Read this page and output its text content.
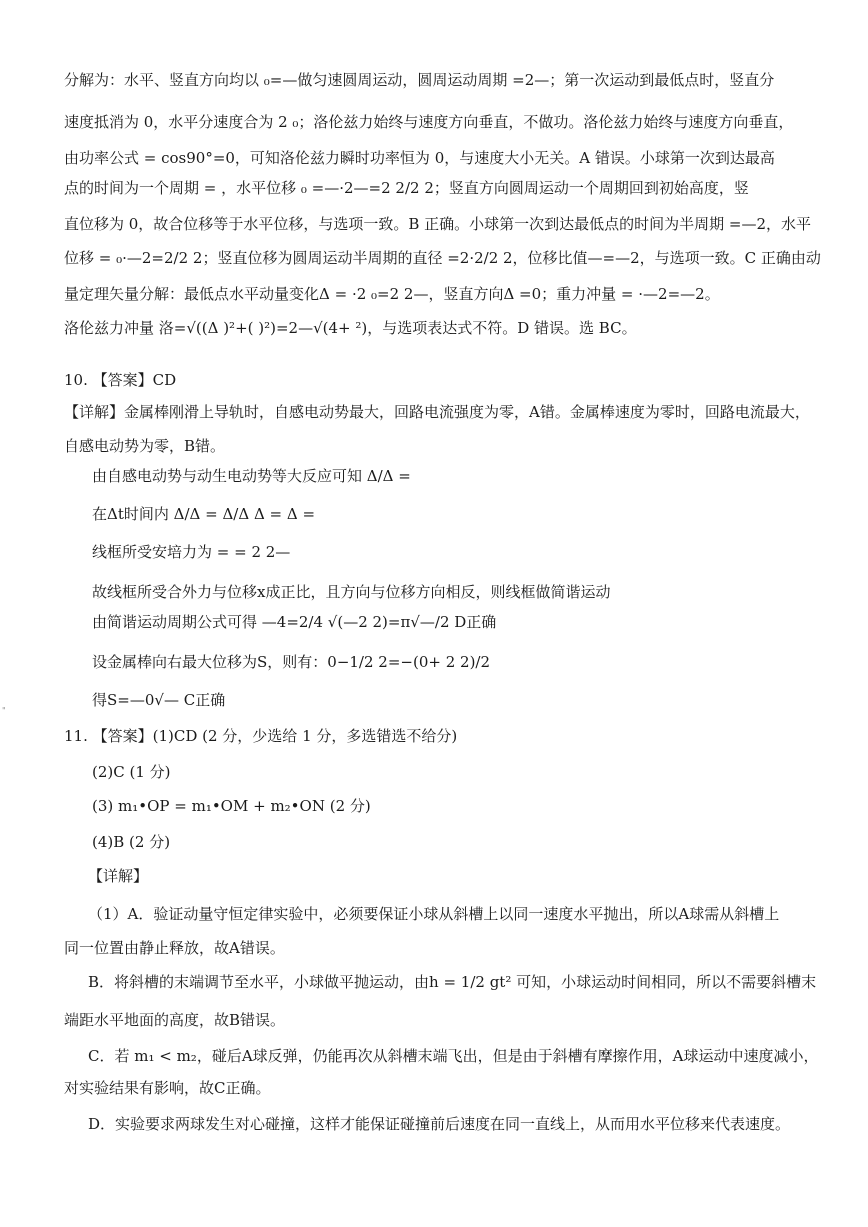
"
分解为：水平、竖直方向均以 ₀=—做匀速圆周运动，圆周运动周期 =2—；第一次运动到最低点时，竖直分
速度抵消为 0，水平分速度合为 2 ₀；洛伦兹力始终与速度方向垂直，不做功。洛伦兹力始终与速度方向垂直，
由功率公式 = cos90°=0，可知洛伦兹力瞬时功率恒为 0，与速度大小无关。A 错误。小球第一次到达最高
点的时间为一个周期 = ，水平位移 ₀ =—·2—=2 2/2 2；竖直方向圆周运动一个周期回到初始高度，竖
直位移为 0，故合位移等于水平位移，与选项一致。B 正确。小球第一次到达最低点的时间为半周期 =—2，水平
位移 = ₀·—2=2/2 2；竖直位移为圆周运动半周期的直径 =2·2/2 2，位移比值—=—2，与选项一致。C 正确由动
量定理矢量分解：最低点水平动量变化Δ = ·2 ₀=2 2—，竖直方向Δ =0；重力冲量 = ·—2=—2。
洛伦兹力冲量 洛=√((Δ )²+( )²)=2—√(4+ ²)，与选项表达式不符。D 错误。选 BC。
10. 【答案】CD
【详解】金属棒刚滑上导轨时，自感电动势最大，回路电流强度为零，A错。金属棒速度为零时，回路电流最大，
自感电动势为零，B错。
由自感电动势与动生电动势等大反应可知 Δ/Δ =
在Δt时间内 Δ/Δ = Δ/Δ Δ = Δ =
线框所受安培力为 = = 2 2—
故线框所受合外力与位移x成正比，且方向与位移方向相反，则线框做简谐运动
由简谐运动周期公式可得 —4=2/4 √(—2 2)=π√—/2 D正确
设金属棒向右最大位移为S，则有：0−1/2 2=−(0+ 2 2)/2
得S=—0√— C正确
11. 【答案】(1)CD (2 分，少选给 1 分，多选错选不给分)
(2)C (1 分)
(3) m₁•OP = m₁•OM + m₂•ON (2 分)
(4)B (2 分)
【详解】
（1）A．验证动量守恒定律实验中，必须要保证小球从斜槽上以同一速度水平抛出，所以A球需从斜槽上
同一位置由静止释放，故A错误。
B．将斜槽的末端调节至水平，小球做平抛运动，由h = 1/2 gt² 可知，小球运动时间相同，所以不需要斜槽末
端距水平地面的高度，故B错误。
C．若 m₁ < m₂，碰后A球反弹，仍能再次从斜槽末端飞出，但是由于斜槽有摩擦作用，A球运动中速度减小，
对实验结果有影响，故C正确。
D．实验要求两球发生对心碰撞，这样才能保证碰撞前后速度在同一直线上，从而用水平位移来代表速度。
